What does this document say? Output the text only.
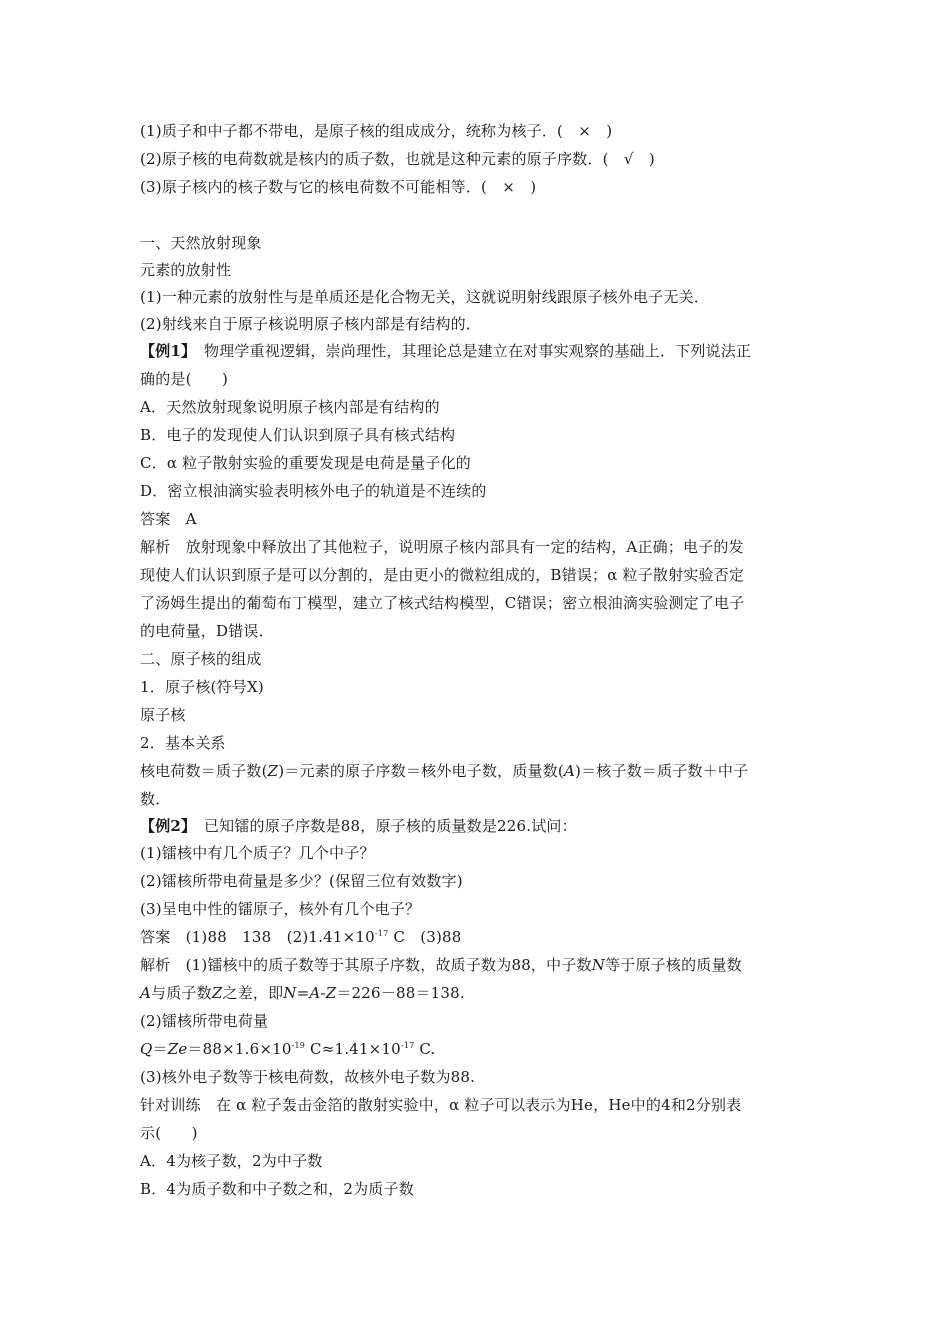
(1)质子和中子都不带电，是原子核的组成成分，统称为核子．(　×　)
(2)原子核的电荷数就是核内的质子数，也就是这种元素的原子序数．(　√　)
(3)原子核内的核子数与它的核电荷数不可能相等．(　×　)
一、天然放射现象
元素的放射性
(1)一种元素的放射性与是单质还是化合物无关，这就说明射线跟原子核外电子无关．
(2)射线来自于原子核说明原子核内部是有结构的．
【例1】　物理学重视逻辑，崇尚理性，其理论总是建立在对事实观察的基础上．下列说法正
确的是(　　)
A．天然放射现象说明原子核内部是有结构的
B．电子的发现使人们认识到原子具有核式结构
C．α 粒子散射实验的重要发现是电荷是量子化的
D．密立根油滴实验表明核外电子的轨道是不连续的
答案　A
解析　放射现象中释放出了其他粒子，说明原子核内部具有一定的结构，A正确；电子的发
现使人们认识到原子是可以分割的，是由更小的微粒组成的，B错误；α 粒子散射实验否定
了汤姆生提出的葡萄布丁模型，建立了核式结构模型，C错误；密立根油滴实验测定了电子
的电荷量，D错误．
二、原子核的组成
1．原子核(符号X)
原子核
2．基本关系
核电荷数＝质子数(Z)＝元素的原子序数＝核外电子数，质量数(A)＝核子数＝质子数＋中子
数．
【例2】　已知镭的原子序数是88，原子核的质量数是226.试问：
(1)镭核中有几个质子？几个中子？
(2)镭核所带电荷量是多少？(保留三位有效数字)
(3)呈电中性的镭原子，核外有几个电子？
答案　(1)88　138　$(2)1.41\times 10^{-17}$ C　(3)88
解析　(1)镭核中的质子数等于其原子序数，故质子数为88，中子数N等于原子核的质量数
A与质子数Z之差，即N=A-Z＝226－88＝138.
(2)镭核所带电荷量
$Q=Ze=88\times 1.6\times 10^{-19}$ $C\approx 1.41\times 10^{-17}$ C.
(3)核外电子数等于核电荷数，故核外电子数为88.
针对训练　在 α 粒子轰击金箔的散射实验中，α 粒子可以表示为He，He中的4和2分别表
示(　　)
A．4为核子数，2为中子数
B．4为质子数和中子数之和，2为质子数
